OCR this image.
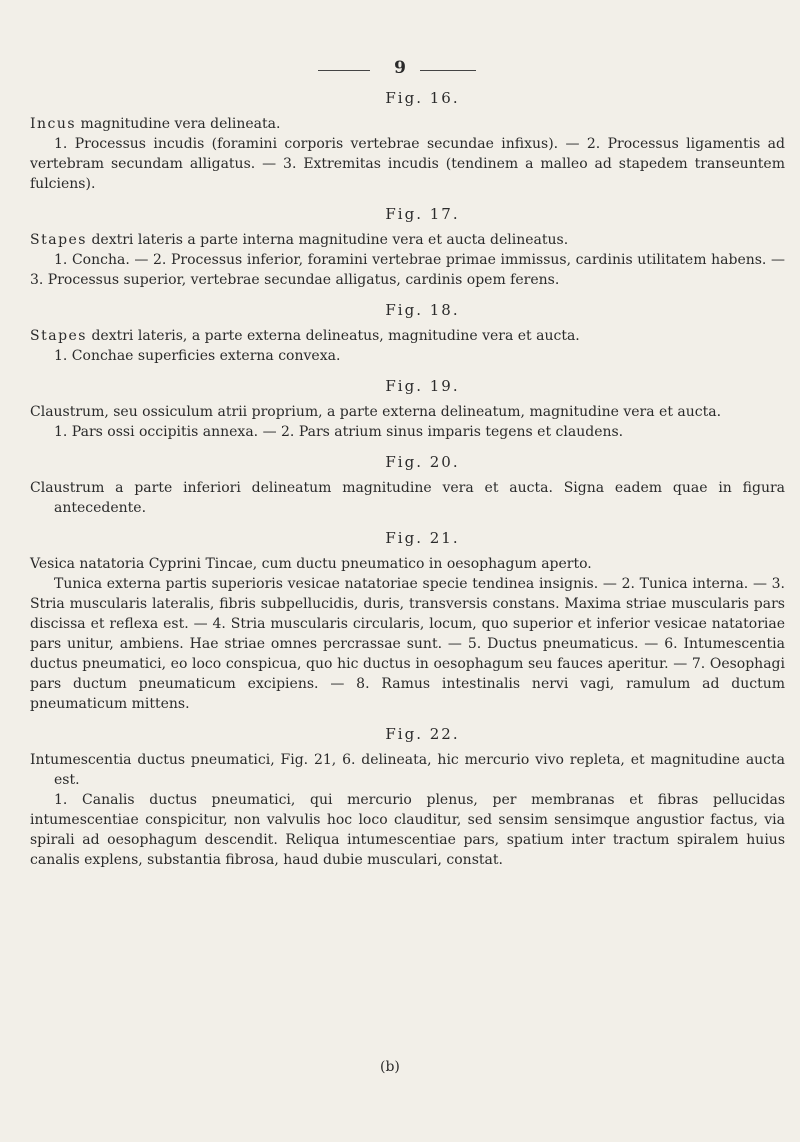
9
Fig. 16.

Incus magnitudine vera delineata.

1. Processus incudis (foramini corporis vertebrae secundae infixus). — 2. Processus ligamentis ad vertebram secundam alligatus. — 3. Extremitas incudis (tendinem a malleo ad stapedem transeuntem fulciens).

Fig. 17.

Stapes dextri lateris a parte interna magnitudine vera et aucta delineatus.

1. Concha. — 2. Processus inferior, foramini vertebrae primae immissus, cardinis utilitatem habens. — 3. Processus superior, vertebrae secundae alligatus, cardinis opem ferens.

Fig. 18.

Stapes dextri lateris, a parte externa delineatus, magnitudine vera et aucta.

1. Conchae superficies externa convexa.

Fig. 19.

Claustrum, seu ossiculum atrii proprium, a parte externa delineatum, magnitudine vera et aucta.

1. Pars ossi occipitis annexa. — 2. Pars atrium sinus imparis tegens et claudens.

Fig. 20.

Claustrum a parte inferiori delineatum magnitudine vera et aucta. Signa eadem quae in figura antecedente.

Fig. 21.

Vesica natatoria Cyprini Tincae, cum ductu pneumatico in oesophagum aperto.

Tunica externa partis superioris vesicae natatoriae specie tendinea insignis. — 2. Tunica interna. — 3. Stria muscularis lateralis, fibris subpellucidis, duris, transversis constans. Maxima striae muscularis pars discissa et reflexa est. — 4. Stria muscularis circularis, locum, quo superior et inferior vesicae natatoriae pars unitur, ambiens. Hae striae omnes percrassae sunt. — 5. Ductus pneumaticus. — 6. Intumescentia ductus pneumatici, eo loco conspicua, quo hic ductus in oesophagum seu fauces aperitur. — 7. Oesophagi pars ductum pneumaticum excipiens. — 8. Ramus intestinalis nervi vagi, ramulum ad ductum pneumaticum mittens.

Fig. 22.

Intumescentia ductus pneumatici, Fig. 21, 6. delineata, hic mercurio vivo repleta, et magnitudine aucta est.

1. Canalis ductus pneumatici, qui mercurio plenus, per membranas et fibras pellucidas intumescentiae conspicitur, non valvulis hoc loco clauditur, sed sensim sensimque angustior factus, via spirali ad oesophagum descendit. Reliqua intumescentiae pars, spatium inter tractum spiralem huius canalis explens, substantia fibrosa, haud dubie musculari, constat.

(b)
